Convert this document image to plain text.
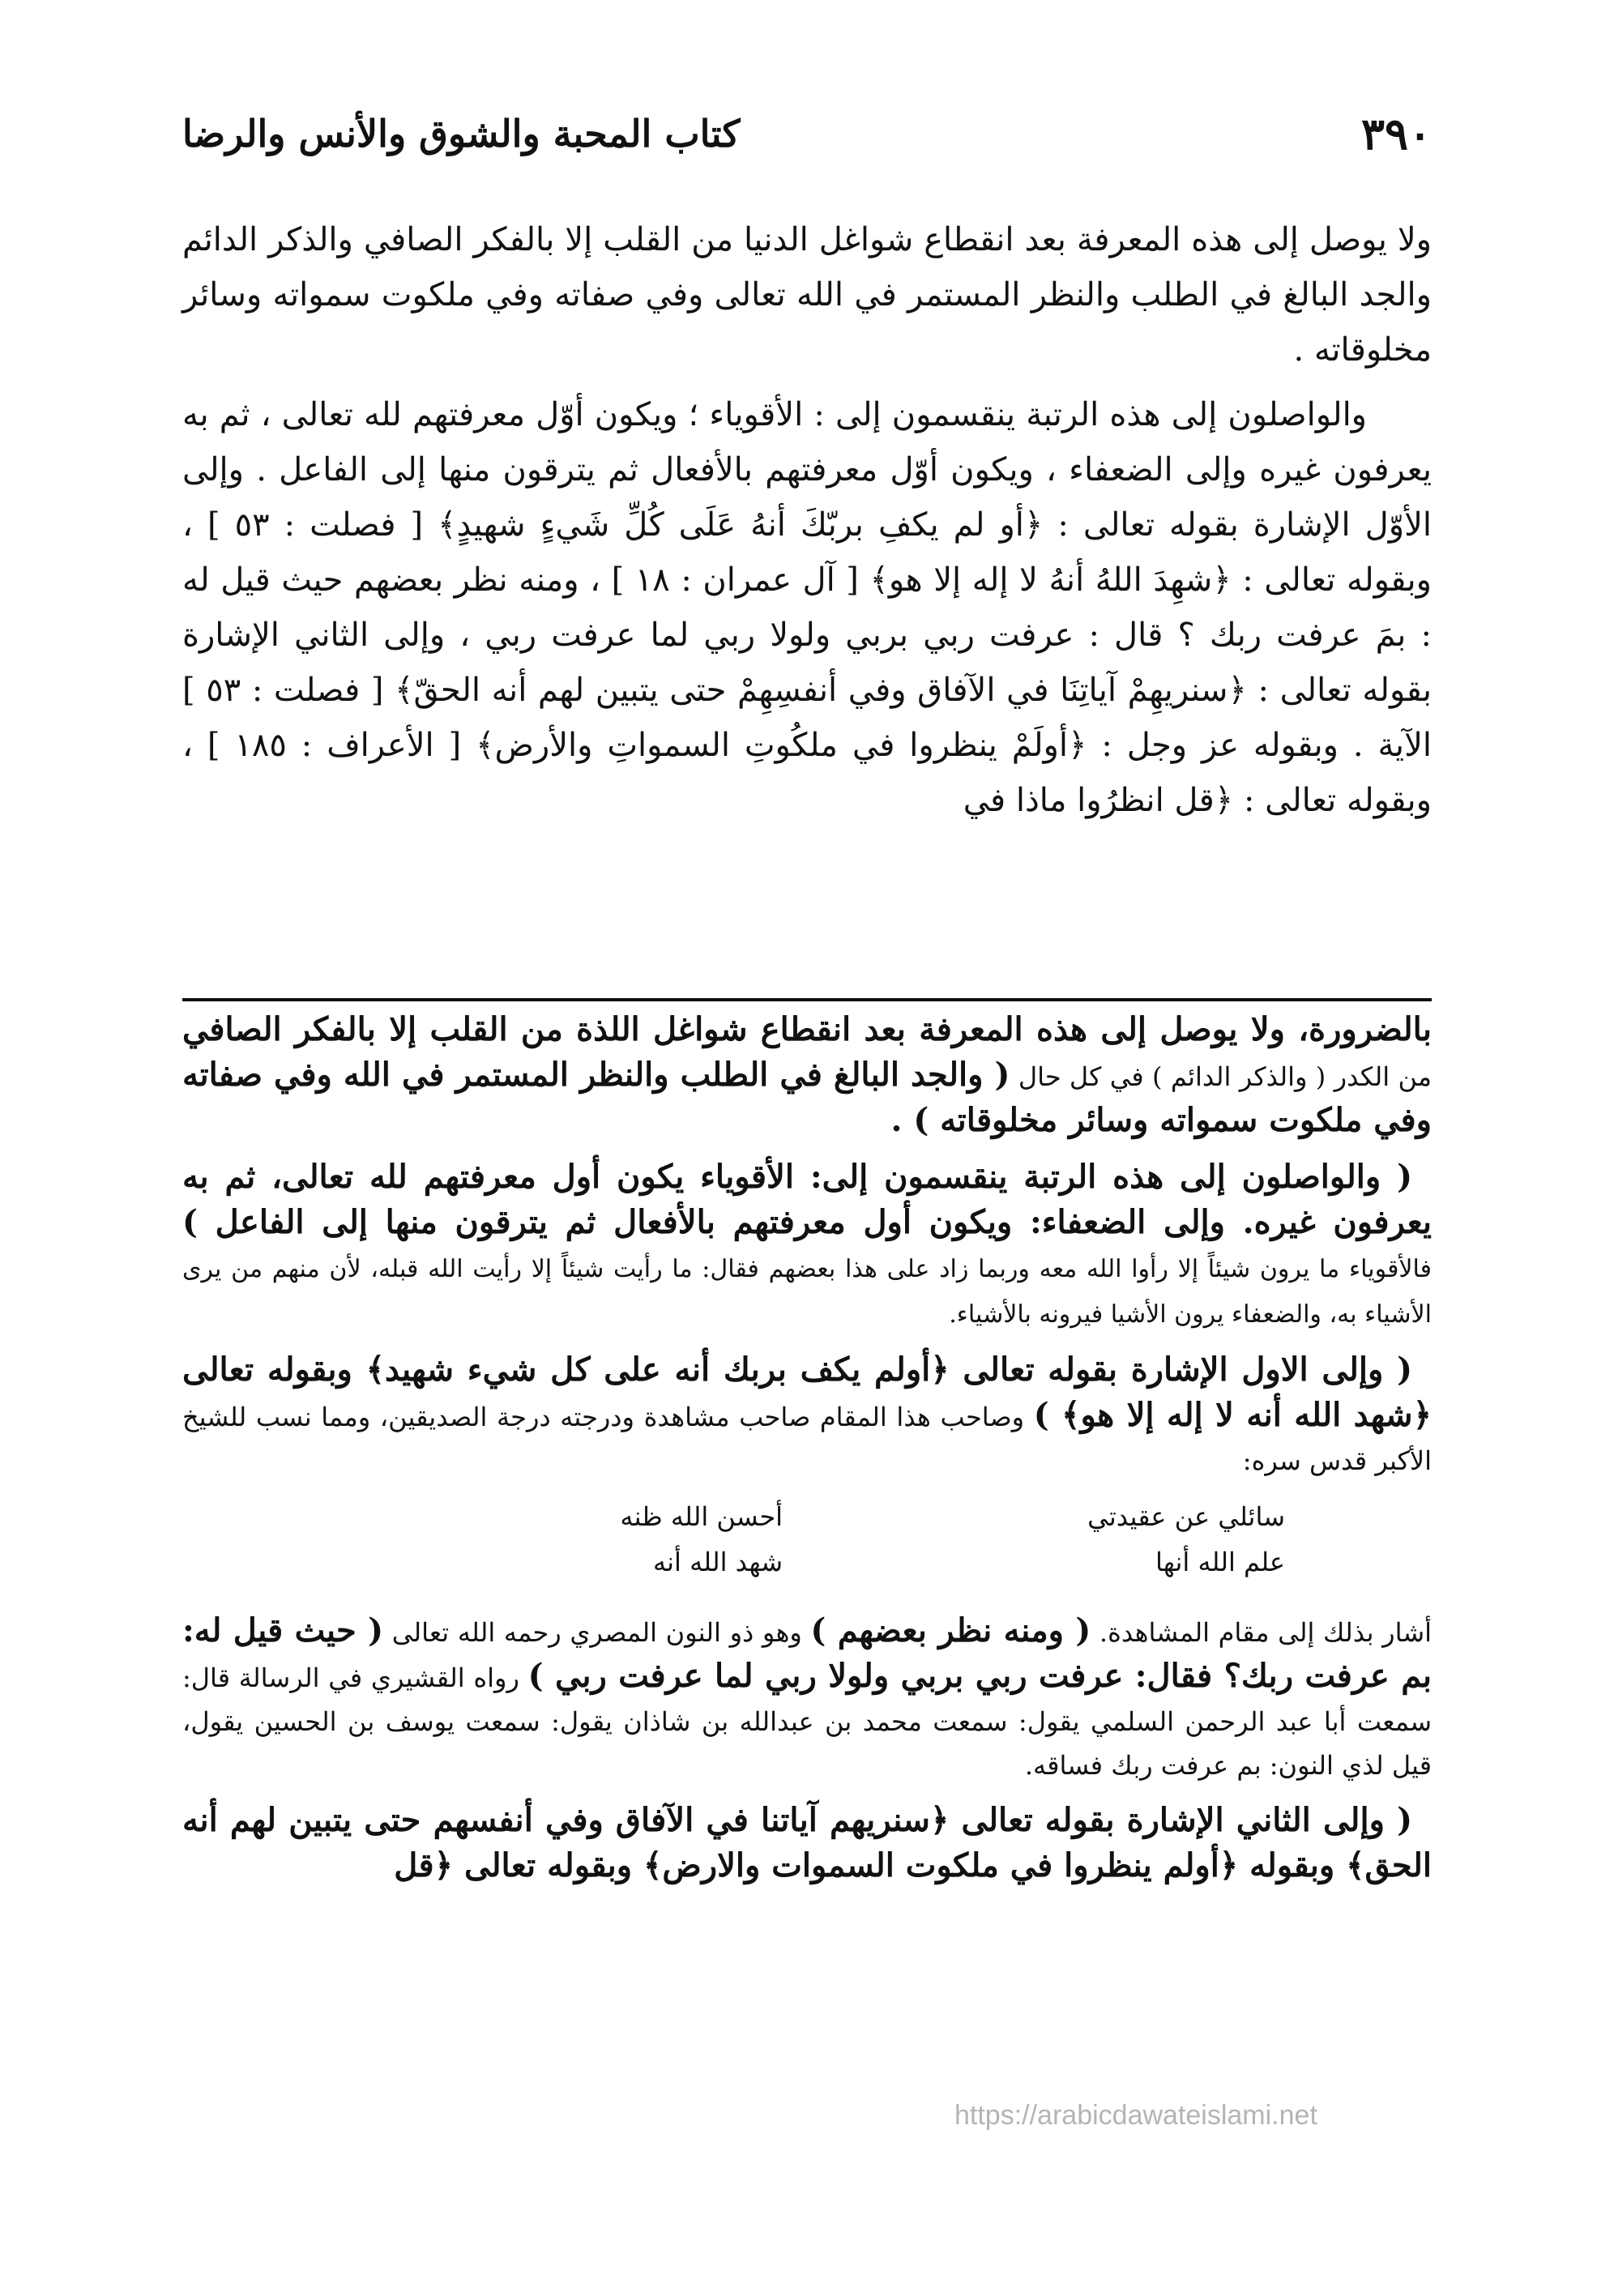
٣٩٠
كتاب المحبة والشوق والأنس والرضا

ولا يوصل إلى هذه المعرفة بعد انقطاع شواغل الدنيا من القلب إلا بالفكر الصافي والذكر الدائم والجد البالغ في الطلب والنظر المستمر في الله تعالى وفي صفاته وفي ملكوت سمواته وسائر مخلوقاته .

والواصلون إلى هذه الرتبة ينقسمون إلى : الأقوياء ؛ ويكون أوّل معرفتهم لله تعالى ، ثم به يعرفون غيره وإلى الضعفاء ، ويكون أوّل معرفتهم بالأفعال ثم يترقون منها إلى الفاعل . وإلى الأوّل الإشارة بقوله تعالى : ﴿أو لم يكفِ بربّكَ أنهُ عَلَى كُلِّ شَيءٍ شهيدٍ﴾ [ فصلت : ٥٣ ] ، وبقوله تعالى : ﴿شهِدَ اللهُ أنهُ لا إله إلا هو﴾ [ آل عمران : ١٨ ] ، ومنه نظر بعضهم حيث قيل له : بمَ عرفت ربك ؟ قال : عرفت ربي بربي ولولا ربي لما عرفت ربي ، وإلى الثاني الإشارة بقوله تعالى : ﴿سنريهِمْ آياتِنَا في الآفاق وفي أنفسِهِمْ حتى يتبين لهم أنه الحقّ﴾ [ فصلت : ٥٣ ] الآية . وبقوله عز وجل : ﴿أولَمْ ينظروا في ملكُوتِ السمواتِ والأرض﴾ [ الأعراف : ١٨٥ ] ، وبقوله تعالى : ﴿قل انظرُوا ماذا في

بالضرورة، ولا يوصل إلى هذه المعرفة بعد انقطاع شواغل اللذة من القلب إلا بالفكر الصافي من الكدر ( والذكر الدائم ) في كل حال ( والجد البالغ في الطلب والنظر المستمر في الله وفي صفاته وفي ملكوت سمواته وسائر مخلوقاته ) .

( والواصلون إلى هذه الرتبة ينقسمون إلى: الأقوياء يكون أول معرفتهم لله تعالى، ثم به يعرفون غيره. وإلى الضعفاء: ويكون أول معرفتهم بالأفعال ثم يترقون منها إلى الفاعل ) فالأقوياء ما يرون شيئاً إلا رأوا الله معه وربما زاد على هذا بعضهم فقال: ما رأيت شيئاً إلا رأيت الله قبله، لأن منهم من يرى الأشياء به، والضعفاء يرون الأشيا فيرونه بالأشياء.

( وإلى الاول الإشارة بقوله تعالى ﴿أولم يكف بربك أنه على كل شيء شهيد﴾ وبقوله تعالى ﴿شهد الله أنه لا إله إلا هو﴾ ) وصاحب هذا المقام صاحب مشاهدة ودرجته درجة الصديقين، ومما نسب للشيخ الأكبر قدس سره:

سائلي عن عقيدتي
أحسن الله ظنه
علم الله أنها
شهد الله أنه

أشار بذلك إلى مقام المشاهدة. ( ومنه نظر بعضهم ) وهو ذو النون المصري رحمه الله تعالى ( حيث قيل له: بم عرفت ربك؟ فقال: عرفت ربي بربي ولولا ربي لما عرفت ربي ) رواه القشيري في الرسالة قال: سمعت أبا عبد الرحمن السلمي يقول: سمعت محمد بن عبدالله بن شاذان يقول: سمعت يوسف بن الحسين يقول، قيل لذي النون: بم عرفت ربك فساقه.

( وإلى الثاني الإشارة بقوله تعالى ﴿سنريهم آياتنا في الآفاق وفي أنفسهم حتى يتبين لهم أنه الحق﴾ وبقوله ﴿أولم ينظروا في ملكوت السموات والارض﴾ وبقوله تعالى ﴿قل

https://arabicdawateislami.net
